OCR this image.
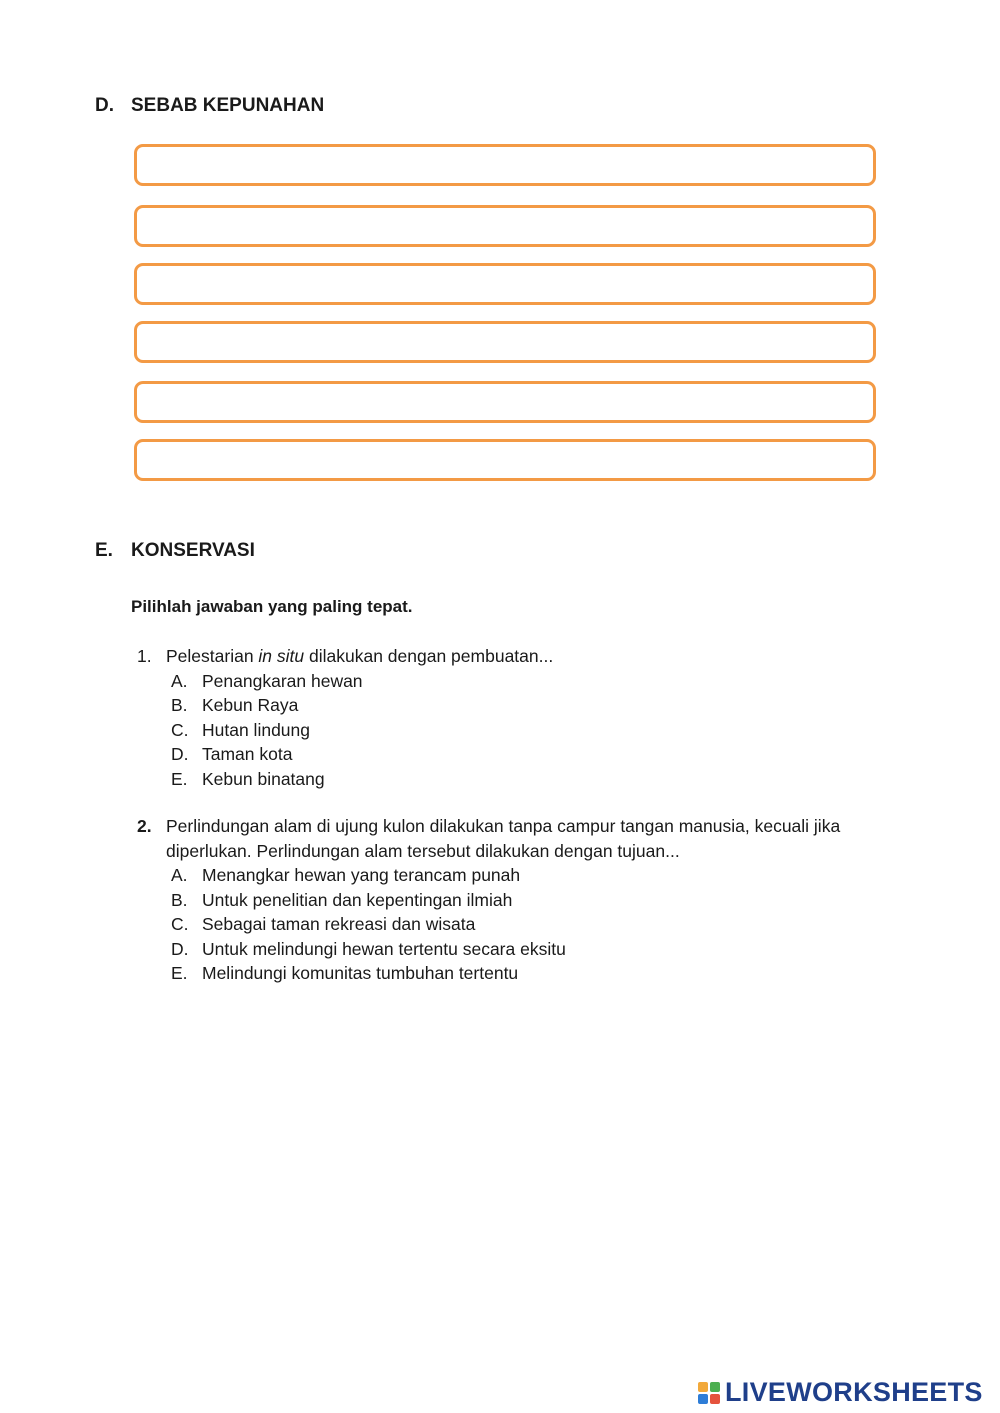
D. SEBAB KEPUNAHAN
E. KONSERVASI
Pilihlah jawaban yang paling tepat.
1. Pelestarian in situ dilakukan dengan pembuatan...
A. Penangkaran hewan
B. Kebun Raya
C. Hutan lindung
D. Taman kota
E. Kebun binatang
2. Perlindungan alam di ujung kulon dilakukan tanpa campur tangan manusia, kecuali jika diperlukan. Perlindungan alam tersebut dilakukan dengan tujuan...
A. Menangkar hewan yang terancam punah
B. Untuk penelitian dan kepentingan ilmiah
C. Sebagai taman rekreasi dan wisata
D. Untuk melindungi hewan tertentu secara eksitu
E. Melindungi komunitas tumbuhan tertentu
LIVEWORKSHEETS
